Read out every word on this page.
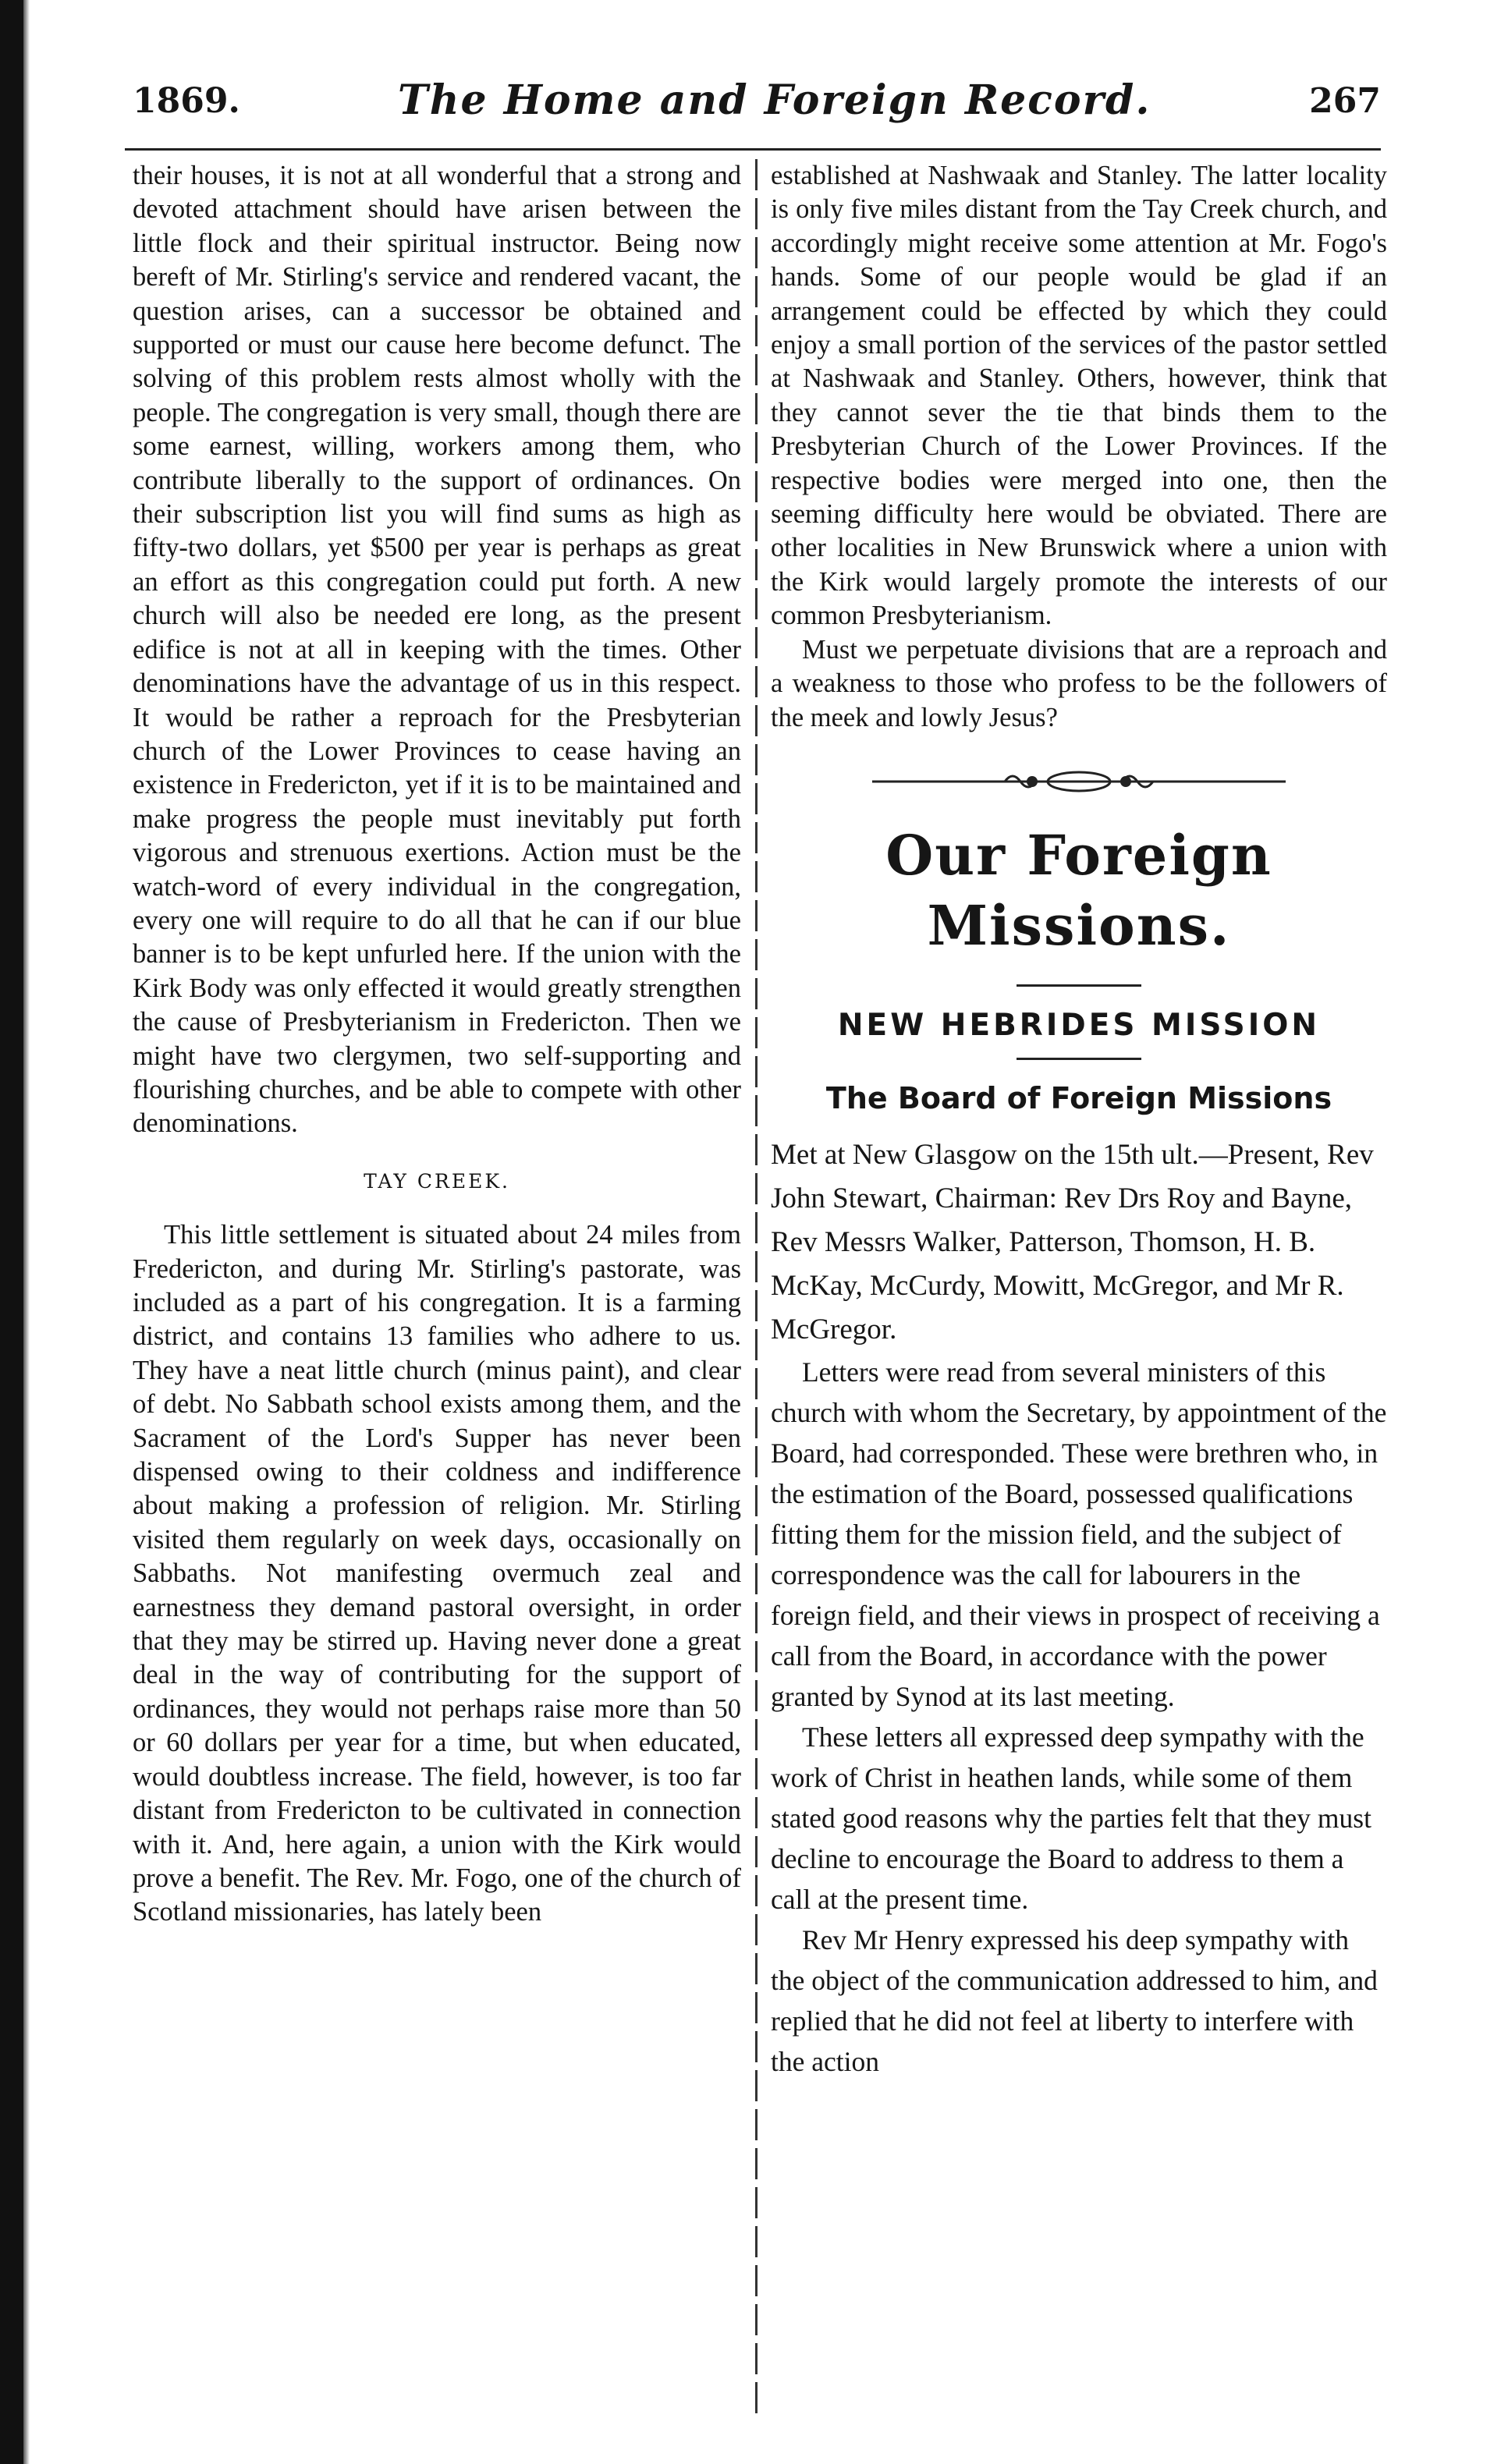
1869.	The Home and Foreign Record.	267

their houses, it is not at all wonderful that a strong and devoted attachment should have arisen between the little flock and their spiritual instructor. Being now bereft of Mr. Stirling's service and rendered vacant, the question arises, can a successor be obtained and supported or must our cause here become defunct. The solving of this problem rests almost wholly with the people. The congregation is very small, though there are some earnest, willing, workers among them, who contribute liberally to the support of ordinances. On their subscription list you will find sums as high as fifty-two dollars, yet $500 per year is perhaps as great an effort as this congregation could put forth. A new church will also be needed ere long, as the present edifice is not at all in keeping with the times. Other denominations have the advantage of us in this respect. It would be rather a reproach for the Presbyterian church of the Lower Provinces to cease having an existence in Fredericton, yet if it is to be maintained and make progress the people must inevitably put forth vigorous and strenuous exertions. Action must be the watch-word of every individual in the congregation, every one will require to do all that he can if our blue banner is to be kept unfurled here. If the union with the Kirk Body was only effected it would greatly strengthen the cause of Presbyterianism in Fredericton. Then we might have two clergymen, two self-supporting and flourishing churches, and be able to compete with other denominations.

TAY CREEK.

This little settlement is situated about 24 miles from Fredericton, and during Mr. Stirling's pastorate, was included as a part of his congregation. It is a farming district, and contains 13 families who adhere to us. They have a neat little church (minus paint), and clear of debt. No Sabbath school exists among them, and the Sacrament of the Lord's Supper has never been dispensed owing to their coldness and indifference about making a profession of religion. Mr. Stirling visited them regularly on week days, occasionally on Sabbaths. Not manifesting overmuch zeal and earnestness they demand pastoral oversight, in order that they may be stirred up. Having never done a great deal in the way of contributing for the support of ordinances, they would not perhaps raise more than 50 or 60 dollars per year for a time, but when educated, would doubtless increase. The field, however, is too far distant from Fredericton to be cultivated in connection with it. And, here again, a union with the Kirk would prove a benefit. The Rev. Mr. Fogo, one of the church of Scotland missionaries, has lately been

established at Nashwaak and Stanley. The latter locality is only five miles distant from the Tay Creek church, and accordingly might receive some attention at Mr. Fogo's hands. Some of our people would be glad if an arrangement could be effected by which they could enjoy a small portion of the services of the pastor settled at Nashwaak and Stanley. Others, however, think that they cannot sever the tie that binds them to the Presbyterian Church of the Lower Provinces. If the respective bodies were merged into one, then the seeming difficulty here would be obviated. There are other localities in New Brunswick where a union with the Kirk would largely promote the interests of our common Presbyterianism.

Must we perpetuate divisions that are a reproach and a weakness to those who profess to be the followers of the meek and lowly Jesus?

Our Foreign Missions.
NEW HEBRIDES MISSION
The Board of Foreign Missions

Met at New Glasgow on the 15th ult.—Present, Rev John Stewart, Chairman: Rev Drs Roy and Bayne, Rev Messrs Walker, Patterson, Thomson, H. B. McKay, McCurdy, Mowitt, McGregor, and Mr R. McGregor.

Letters were read from several ministers of this church with whom the Secretary, by appointment of the Board, had corresponded. These were brethren who, in the estimation of the Board, possessed qualifications fitting them for the mission field, and the subject of correspondence was the call for labourers in the foreign field, and their views in prospect of receiving a call from the Board, in accordance with the power granted by Synod at its last meeting.

These letters all expressed deep sympathy with the work of Christ in heathen lands, while some of them stated good reasons why the parties felt that they must decline to encourage the Board to address to them a call at the present time.

Rev Mr Henry expressed his deep sympathy with the object of the communication addressed to him, and replied that he did not feel at liberty to interfere with the action
